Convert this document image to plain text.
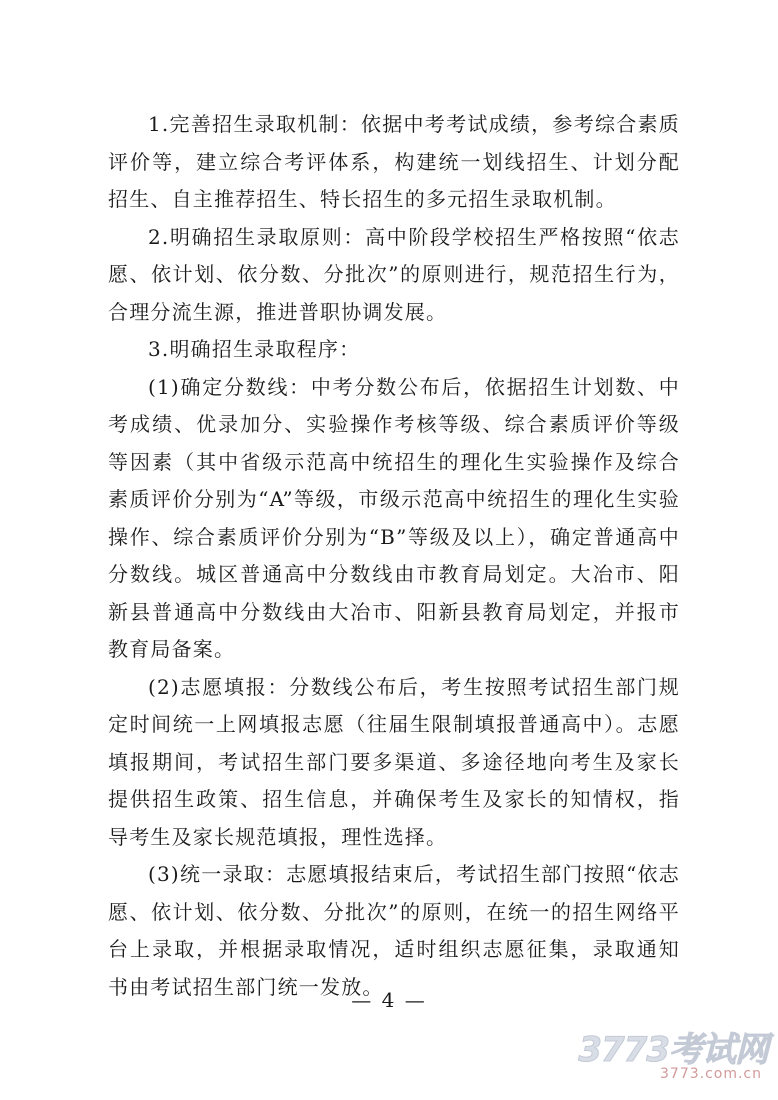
1.完善招生录取机制：依据中考考试成绩，参考综合素质评价等，建立综合考评体系，构建统一划线招生、计划分配招生、自主推荐招生、特长招生的多元招生录取机制。

2.明确招生录取原则：高中阶段学校招生严格按照“依志愿、依计划、依分数、分批次”的原则进行，规范招生行为，合理分流生源，推进普职协调发展。

3.明确招生录取程序：

(1)确定分数线：中考分数公布后，依据招生计划数、中考成绩、优录加分、实验操作考核等级、综合素质评价等级等因素（其中省级示范高中统招生的理化生实验操作及综合素质评价分别为“A”等级，市级示范高中统招生的理化生实验操作、综合素质评价分别为“B”等级及以上），确定普通高中分数线。城区普通高中分数线由市教育局划定。大冶市、阳新县普通高中分数线由大冶市、阳新县教育局划定，并报市教育局备案。

(2)志愿填报：分数线公布后，考生按照考试招生部门规定时间统一上网填报志愿（往届生限制填报普通高中）。志愿填报期间，考试招生部门要多渠道、多途径地向考生及家长提供招生政策、招生信息，并确保考生及家长的知情权，指导考生及家长规范填报，理性选择。

(3)统一录取：志愿填报结束后，考试招生部门按照“依志愿、依计划、依分数、分批次”的原则，在统一的招生网络平台上录取，并根据录取情况，适时组织志愿征集，录取通知书由考试招生部门统一发放。

— 4 —
3773考试网
3773.com.cn
